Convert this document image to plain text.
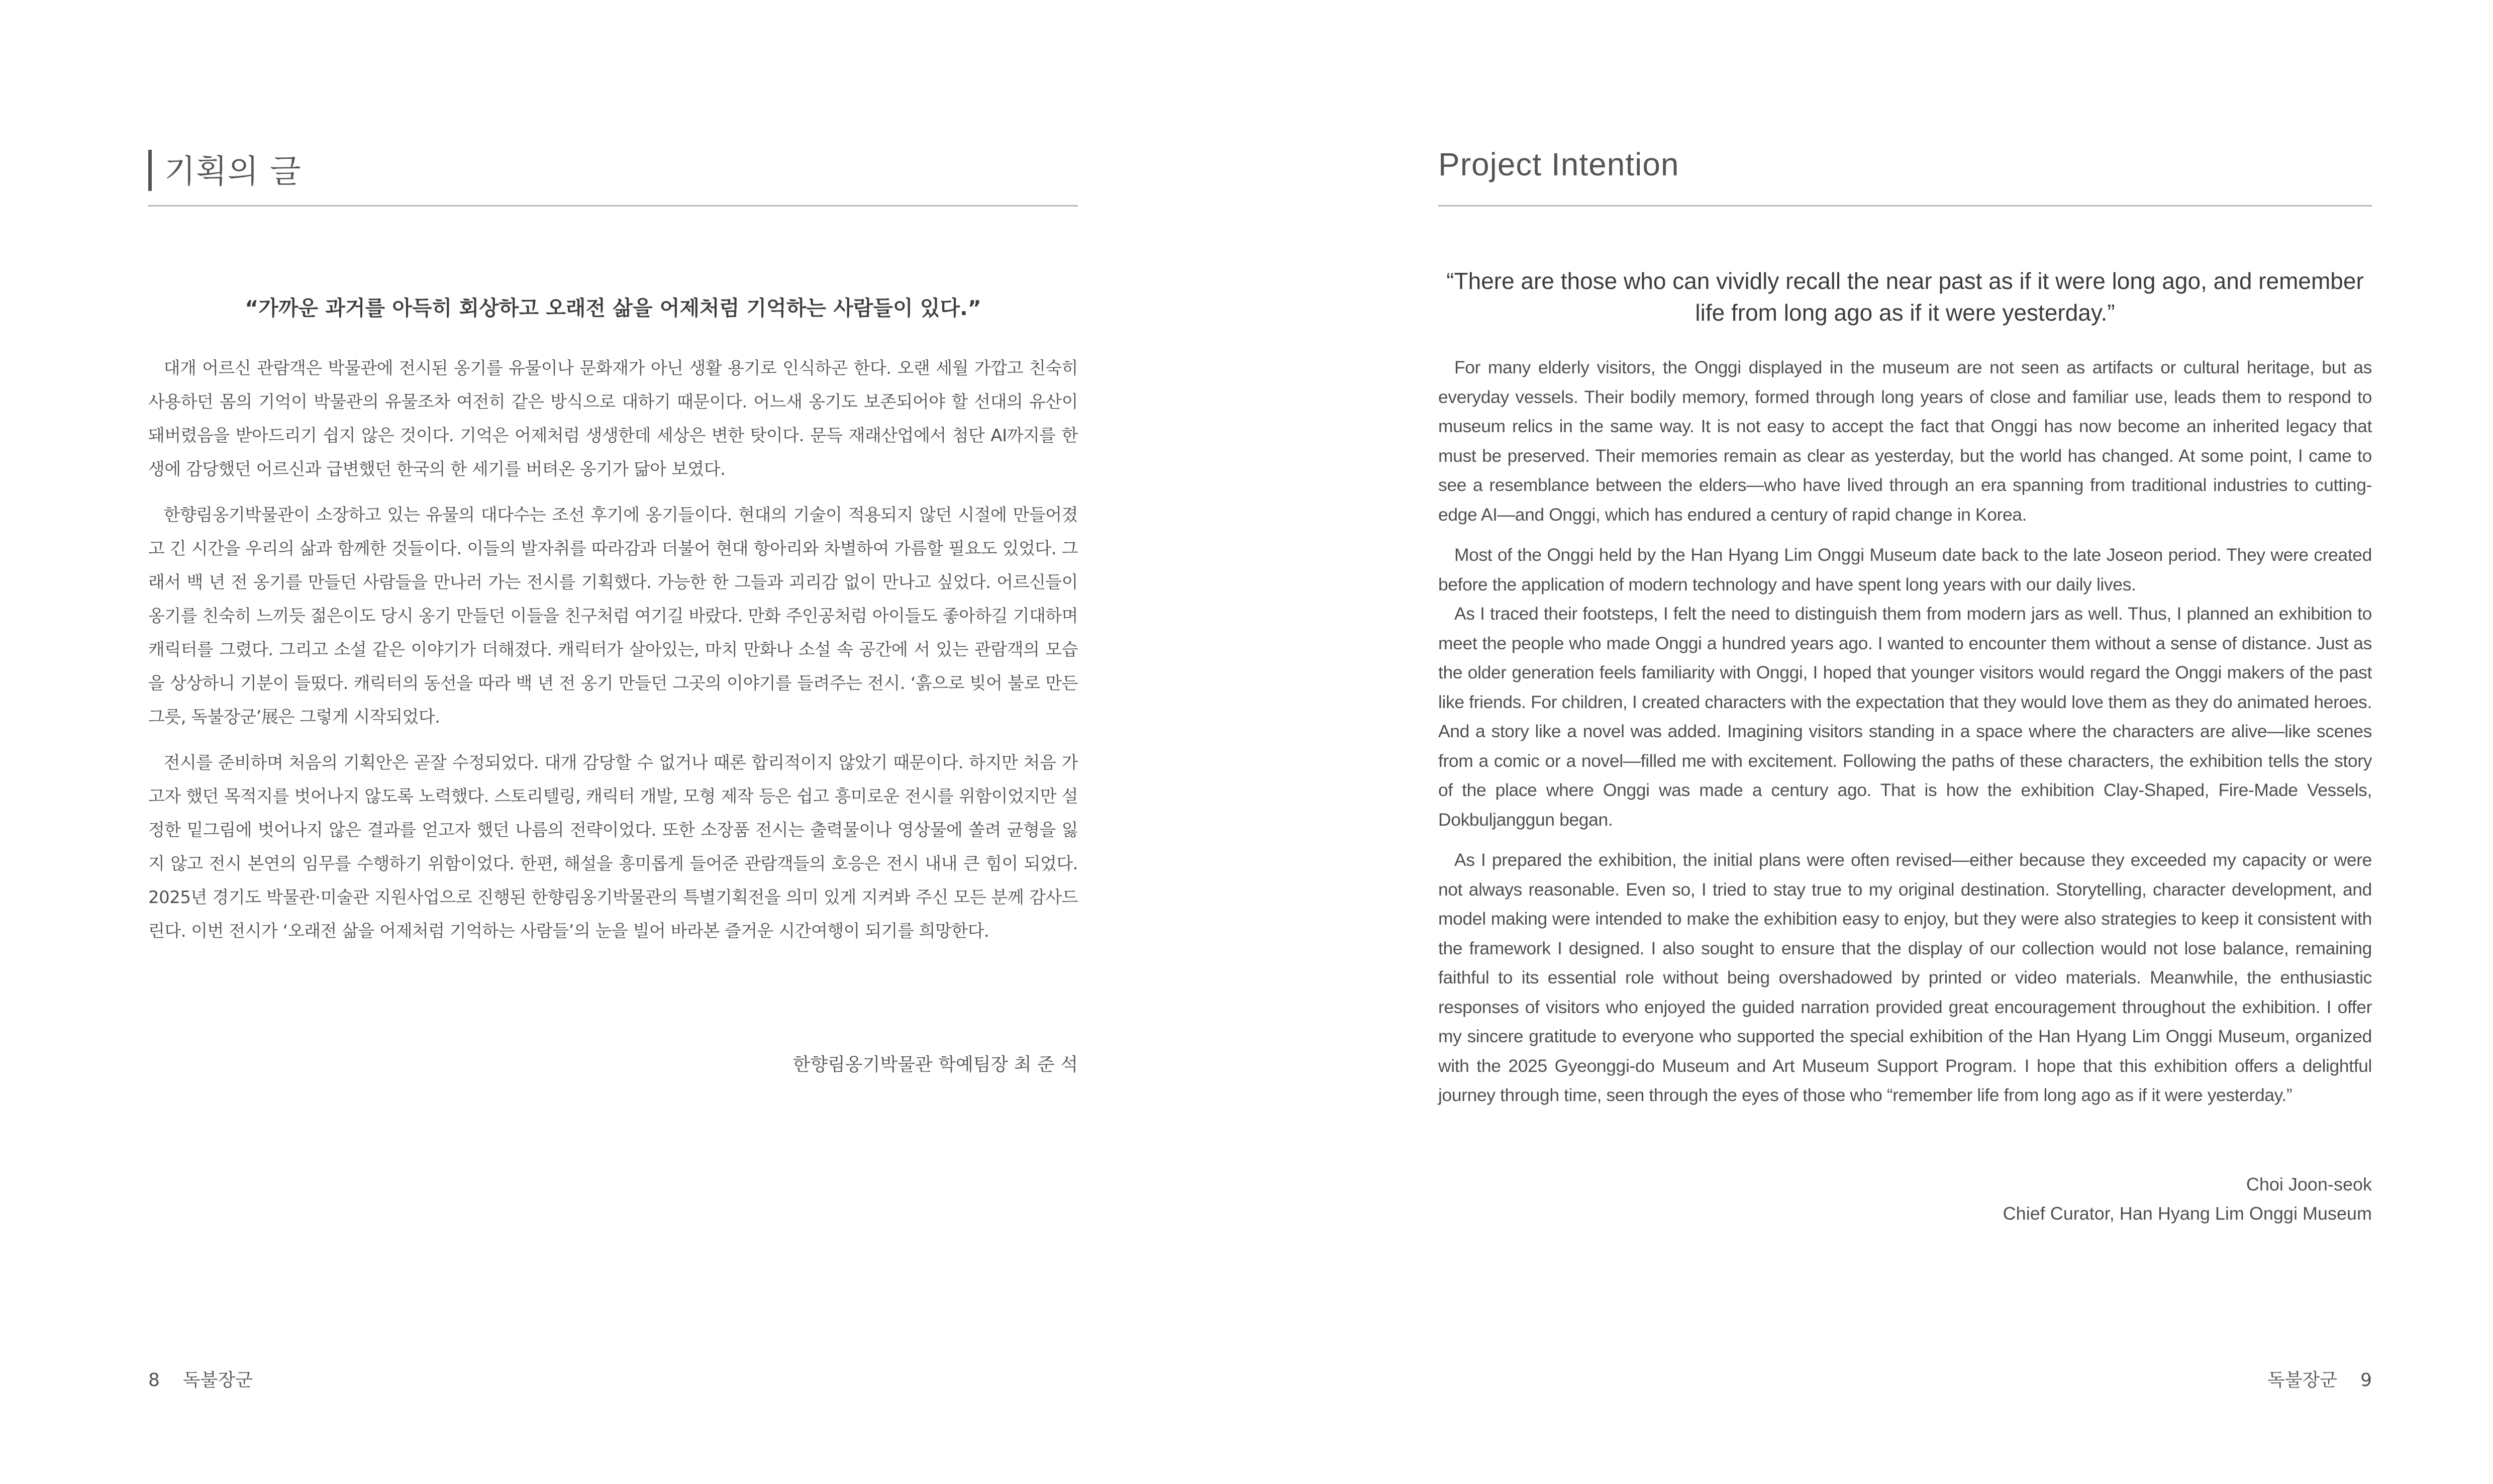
기획의 글
“가까운 과거를 아득히 회상하고 오래전 삶을 어제처럼 기억하는 사람들이 있다.”

대개 어르신 관람객은 박물관에 전시된 옹기를 유물이나 문화재가 아닌 생활 용기로 인식하곤 한다. 오랜 세월 가깝고 친숙히 사용하던 몸의 기억이 박물관의 유물조차 여전히 같은 방식으로 대하기 때문이다. 어느새 옹기도 보존되어야 할 선대의 유산이 돼버렸음을 받아드리기 쉽지 않은 것이다. 기억은 어제처럼 생생한데 세상은 변한 탓이다. 문득 재래산업에서 첨단 AI까지를 한 생에 감당했던 어르신과 급변했던 한국의 한 세기를 버텨온 옹기가 닮아 보였다.

한향림옹기박물관이 소장하고 있는 유물의 대다수는 조선 후기에 옹기들이다. 현대의 기술이 적용되지 않던 시절에 만들어졌고 긴 시간을 우리의 삶과 함께한 것들이다. 이들의 발자취를 따라감과 더불어 현대 항아리와 차별하여 가름할 필요도 있었다. 그래서 백 년 전 옹기를 만들던 사람들을 만나러 가는 전시를 기획했다. 가능한 한 그들과 괴리감 없이 만나고 싶었다. 어르신들이 옹기를 친숙히 느끼듯 젊은이도 당시 옹기 만들던 이들을 친구처럼 여기길 바랐다. 만화 주인공처럼 아이들도 좋아하길 기대하며 캐릭터를 그렸다. 그리고 소설 같은 이야기가 더해졌다. 캐릭터가 살아있는, 마치 만화나 소설 속 공간에 서 있는 관람객의 모습을 상상하니 기분이 들떴다. 캐릭터의 동선을 따라 백 년 전 옹기 만들던 그곳의 이야기를 들려주는 전시. ‘흙으로 빚어 불로 만든 그릇, 독불장군’展은 그렇게 시작되었다.

전시를 준비하며 처음의 기획안은 곧잘 수정되었다. 대개 감당할 수 없거나 때론 합리적이지 않았기 때문이다. 하지만 처음 가고자 했던 목적지를 벗어나지 않도록 노력했다. 스토리텔링, 캐릭터 개발, 모형 제작 등은 쉽고 흥미로운 전시를 위함이었지만 설정한 밑그림에 벗어나지 않은 결과를 얻고자 했던 나름의 전략이었다. 또한 소장품 전시는 출력물이나 영상물에 쏠려 균형을 잃지 않고 전시 본연의 임무를 수행하기 위함이었다. 한편, 해설을 흥미롭게 들어준 관람객들의 호응은 전시 내내 큰 힘이 되었다. 2025년 경기도 박물관·미술관 지원사업으로 진행된 한향림옹기박물관의 특별기획전을 의미 있게 지켜봐 주신 모든 분께 감사드린다. 이번 전시가 ‘오래전 삶을 어제처럼 기억하는 사람들’의 눈을 빌어 바라본 즐거운 시간여행이 되기를 희망한다.

한향림옹기박물관 학예팀장 최 준 석
8 독불장군
Project Intention
“There are those who can vividly recall the near past as if it were long ago, and remember life from long ago as if it were yesterday.”

For many elderly visitors, the Onggi displayed in the museum are not seen as artifacts or cultural heritage, but as everyday vessels. Their bodily memory, formed through long years of close and familiar use, leads them to respond to museum relics in the same way. It is not easy to accept the fact that Onggi has now become an inherited legacy that must be preserved. Their memories remain as clear as yesterday, but the world has changed. At some point, I came to see a resemblance between the elders—who have lived through an era spanning from traditional industries to cutting-edge AI—and Onggi, which has endured a century of rapid change in Korea.

Most of the Onggi held by the Han Hyang Lim Onggi Museum date back to the late Joseon period. They were created before the application of modern technology and have spent long years with our daily lives.

As I traced their footsteps, I felt the need to distinguish them from modern jars as well. Thus, I planned an exhibition to meet the people who made Onggi a hundred years ago. I wanted to encounter them without a sense of distance. Just as the older generation feels familiarity with Onggi, I hoped that younger visitors would regard the Onggi makers of the past like friends. For children, I created characters with the expectation that they would love them as they do animated heroes. And a story like a novel was added. Imagining visitors standing in a space where the characters are alive—like scenes from a comic or a novel—filled me with excitement. Following the paths of these characters, the exhibition tells the story of the place where Onggi was made a century ago. That is how the exhibition Clay-Shaped, Fire-Made Vessels, Dokbuljanggun began.

As I prepared the exhibition, the initial plans were often revised—either because they exceeded my capacity or were not always reasonable. Even so, I tried to stay true to my original destination. Storytelling, character development, and model making were intended to make the exhibition easy to enjoy, but they were also strategies to keep it consistent with the framework I designed. I also sought to ensure that the display of our collection would not lose balance, remaining faithful to its essential role without being overshadowed by printed or video materials. Meanwhile, the enthusiastic responses of visitors who enjoyed the guided narration provided great encouragement throughout the exhibition. I offer my sincere gratitude to everyone who supported the special exhibition of the Han Hyang Lim Onggi Museum, organized with the 2025 Gyeonggi-do Museum and Art Museum Support Program. I hope that this exhibition offers a delightful journey through time, seen through the eyes of those who “remember life from long ago as if it were yesterday.”

Choi Joon-seok
Chief Curator, Han Hyang Lim Onggi Museum
독불장군 9
